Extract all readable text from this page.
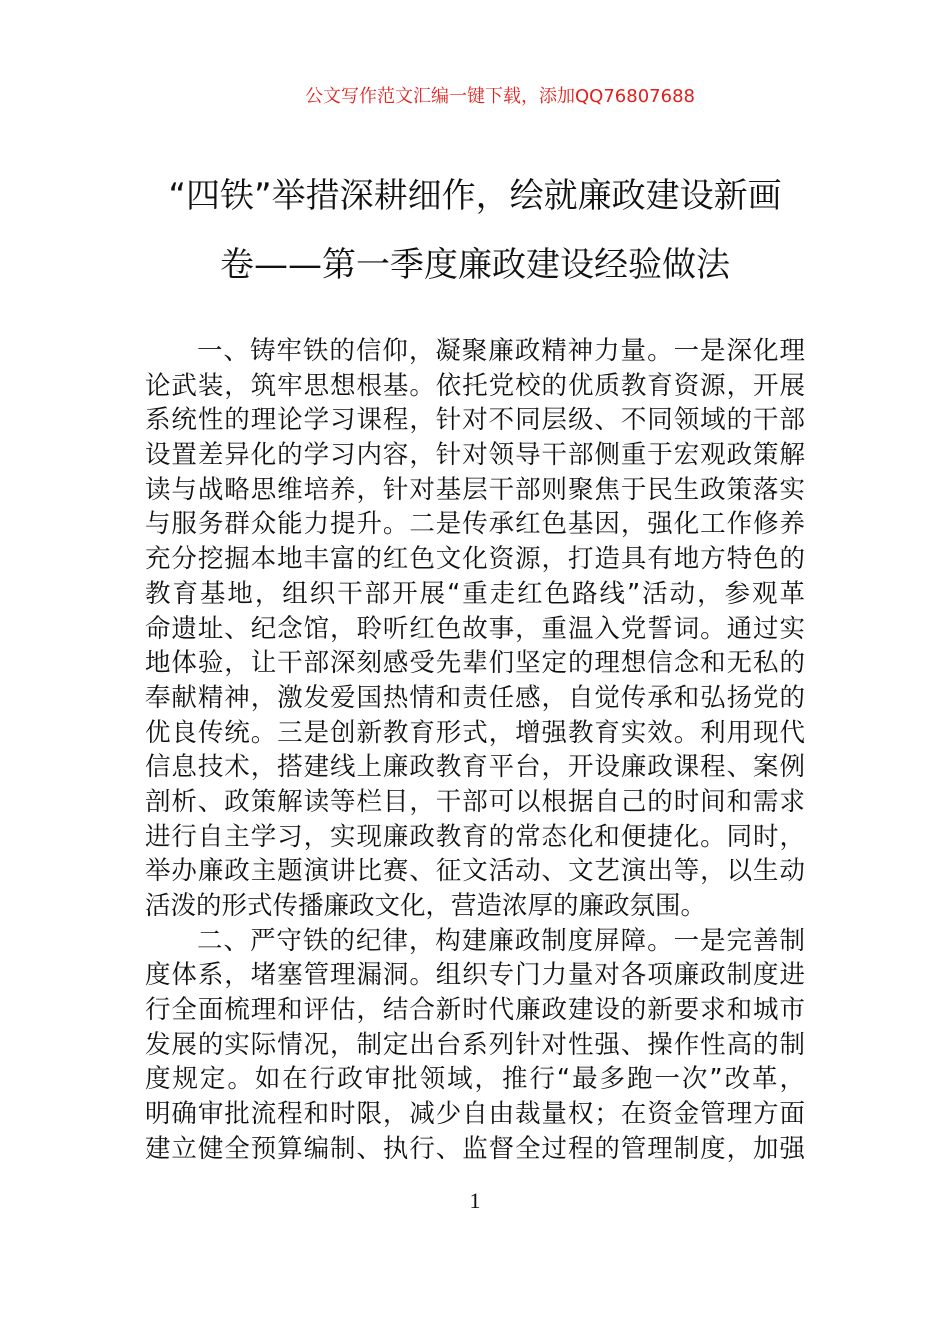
公文写作范文汇编一键下载，添加QQ76807688
“四铁”举措深耕细作，绘就廉政建设新画
卷——第一季度廉政建设经验做法
一、铸牢铁的信仰，凝聚廉政精神力量。一是深化理
论武装，筑牢思想根基。依托党校的优质教育资源，开展
系统性的理论学习课程，针对不同层级、不同领域的干部
设置差异化的学习内容，针对领导干部侧重于宏观政策解
读与战略思维培养，针对基层干部则聚焦于民生政策落实
与服务群众能力提升。二是传承红色基因，强化工作修养
充分挖掘本地丰富的红色文化资源，打造具有地方特色的
教育基地，组织干部开展“重走红色路线”活动，参观革
命遗址、纪念馆，聆听红色故事，重温入党誓词。通过实
地体验，让干部深刻感受先辈们坚定的理想信念和无私的
奉献精神，激发爱国热情和责任感，自觉传承和弘扬党的
优良传统。三是创新教育形式，增强教育实效。利用现代
信息技术，搭建线上廉政教育平台，开设廉政课程、案例
剖析、政策解读等栏目，干部可以根据自己的时间和需求
进行自主学习，实现廉政教育的常态化和便捷化。同时，
举办廉政主题演讲比赛、征文活动、文艺演出等，以生动
活泼的形式传播廉政文化，营造浓厚的廉政氛围。
二、严守铁的纪律，构建廉政制度屏障。一是完善制
度体系，堵塞管理漏洞。组织专门力量对各项廉政制度进
行全面梳理和评估，结合新时代廉政建设的新要求和城市
发展的实际情况，制定出台系列针对性强、操作性高的制
度规定。如在行政审批领域，推行“最多跑一次”改革，
明确审批流程和时限，减少自由裁量权；在资金管理方面
建立健全预算编制、执行、监督全过程的管理制度，加强
1
